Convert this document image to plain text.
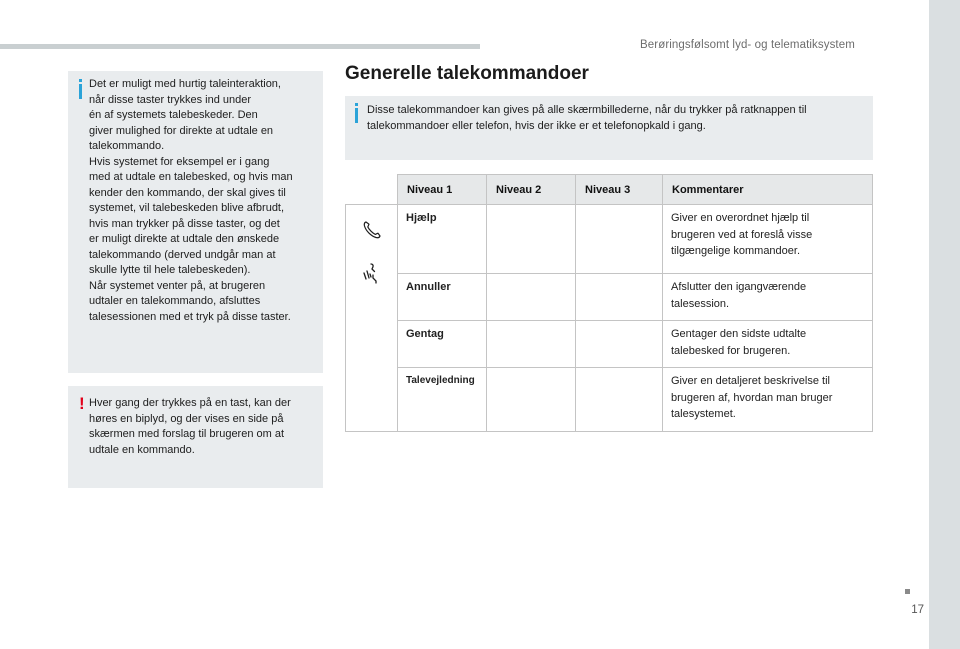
Berøringsfølsomt lyd- og telematiksystem
17
Det er muligt med hurtig taleinteraktion,
når disse taster trykkes ind under
én af systemets talebeskeder. Den
giver mulighed for direkte at udtale en
talekommando.
Hvis systemet for eksempel er i gang
med at udtale en talebesked, og hvis man
kender den kommando, der skal gives til
systemet, vil talebeskeden blive afbrudt,
hvis man trykker på disse taster, og det
er muligt direkte at udtale den ønskede
talekommando (derved undgår man at
skulle lytte til hele talebeskeden).
Når systemet venter på, at brugeren
udtaler en talekommando, afsluttes
talesessionen med et tryk på disse taster.
! Hver gang der trykkes på en tast, kan der
høres en biplyd, og der vises en side på
skærmen med forslag til brugeren om at
udtale en kommando.
Generelle talekommandoer
Disse talekommandoer kan gives på alle skærmbillederne, når du trykker på ratknappen til
talekommandoer eller telefon, hvis der ikke er et telefonopkald i gang.
	Niveau 1	Niveau 2	Niveau 3	Kommentarer

	Hjælp			Giver en overordnet hjælp til
brugeren ved at foreslå visse
tilgængelige kommandoer.
	Annuller			Afslutter den igangværende
talesession.
	Gentag			Gentager den sidste udtalte
talebesked for brugeren.
	Talevejledning			Giver en detaljeret beskrivelse til
brugeren af, hvordan man bruger
talesystemet.
